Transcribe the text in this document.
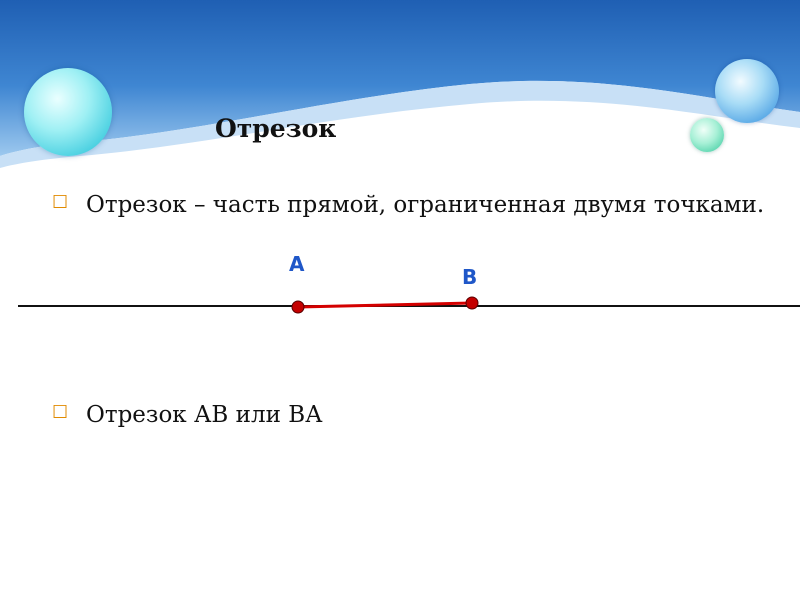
Отрезок
☐ Отрезок – часть прямой, ограниченная двумя точками.
A
B
☐ Отрезок АВ или ВА
